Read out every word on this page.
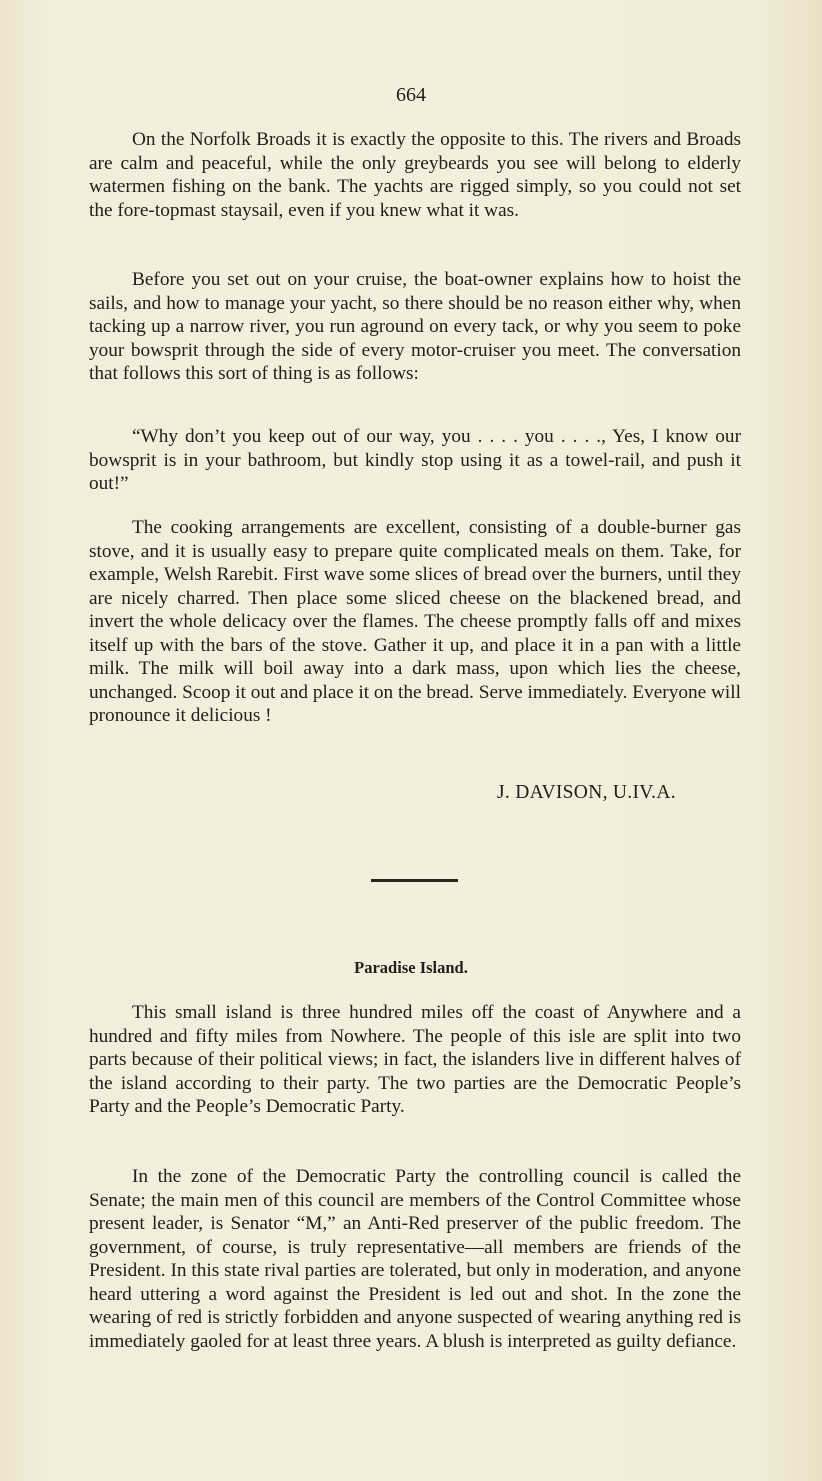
664
On the Norfolk Broads it is exactly the opposite to this. The rivers and Broads are calm and peaceful, while the only greybeards you see will belong to elderly watermen fishing on the bank. The yachts are rigged simply, so you could not set the fore-topmast staysail, even if you knew what it was.
Before you set out on your cruise, the boat-owner explains how to hoist the sails, and how to manage your yacht, so there should be no reason either why, when tacking up a narrow river, you run aground on every tack, or why you seem to poke your bowsprit through the side of every motor-cruiser you meet. The conversation that follows this sort of thing is as follows:
“Why don’t you keep out of our way, you . . . . you . . . ., Yes, I know our bowsprit is in your bathroom, but kindly stop using it as a towel-rail, and push it out!”
The cooking arrangements are excellent, consisting of a double-burner gas stove, and it is usually easy to prepare quite complicated meals on them. Take, for example, Welsh Rarebit. First wave some slices of bread over the burners, until they are nicely charred. Then place some sliced cheese on the blackened bread, and invert the whole delicacy over the flames. The cheese promptly falls off and mixes itself up with the bars of the stove. Gather it up, and place it in a pan with a little milk. The milk will boil away into a dark mass, upon which lies the cheese, unchanged. Scoop it out and place it on the bread. Serve immediately. Everyone will pronounce it delicious !
J. DAVISON, U.IV.A.
Paradise Island.
This small island is three hundred miles off the coast of Anywhere and a hundred and fifty miles from Nowhere. The people of this isle are split into two parts because of their political views; in fact, the islanders live in different halves of the island according to their party. The two parties are the Democratic People’s Party and the People’s Democratic Party.
In the zone of the Democratic Party the controlling council is called the Senate; the main men of this council are members of the Control Committee whose present leader, is Senator “M,” an Anti-Red preserver of the public freedom. The government, of course, is truly representative—all members are friends of the President. In this state rival parties are tolerated, but only in moderation, and anyone heard uttering a word against the President is led out and shot. In the zone the wearing of red is strictly forbidden and anyone suspected of wearing anything red is immediately gaoled for at least three years. A blush is interpreted as guilty defiance.
